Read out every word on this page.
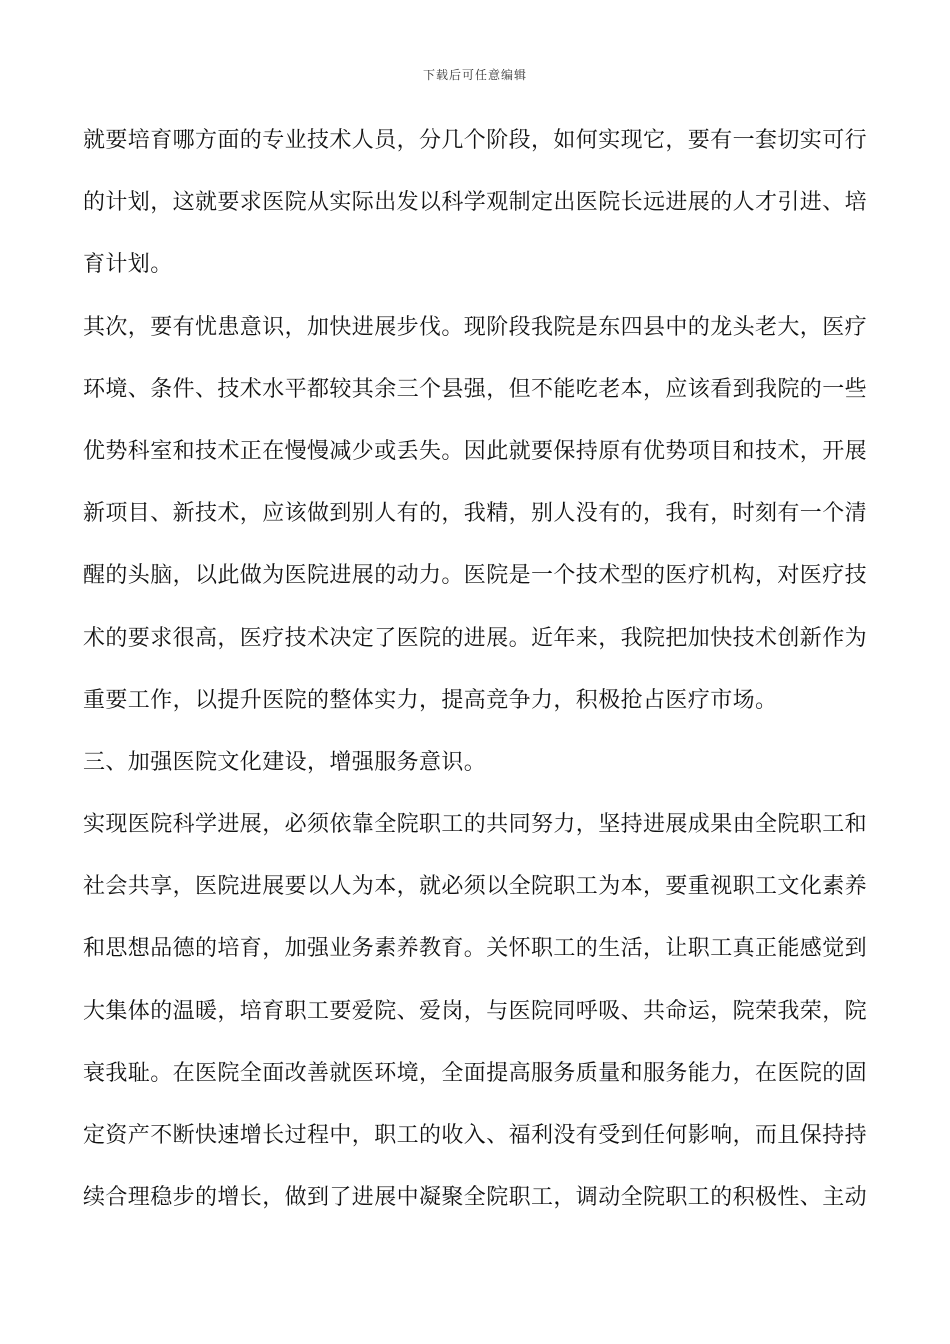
下载后可任意编辑
就要培育哪方面的专业技术人员，分几个阶段，如何实现它，要有一套切实可行
的计划，这就要求医院从实际出发以科学观制定出医院长远进展的人才引进、培
育计划。
其次，要有忧患意识，加快进展步伐。现阶段我院是东四县中的龙头老大，医疗
环境、条件、技术水平都较其余三个县强，但不能吃老本，应该看到我院的一些
优势科室和技术正在慢慢减少或丢失。因此就要保持原有优势项目和技术，开展
新项目、新技术，应该做到别人有的，我精，别人没有的，我有，时刻有一个清
醒的头脑，以此做为医院进展的动力。医院是一个技术型的医疗机构，对医疗技
术的要求很高，医疗技术决定了医院的进展。近年来，我院把加快技术创新作为
重要工作，以提升医院的整体实力，提高竞争力，积极抢占医疗市场。
三、加强医院文化建设，增强服务意识。
实现医院科学进展，必须依靠全院职工的共同努力，坚持进展成果由全院职工和
社会共享，医院进展要以人为本，就必须以全院职工为本，要重视职工文化素养
和思想品德的培育，加强业务素养教育。关怀职工的生活，让职工真正能感觉到
大集体的温暖，培育职工要爱院、爱岗，与医院同呼吸、共命运，院荣我荣，院
衰我耻。在医院全面改善就医环境，全面提高服务质量和服务能力，在医院的固
定资产不断快速增长过程中，职工的收入、福利没有受到任何影响，而且保持持
续合理稳步的增长，做到了进展中凝聚全院职工，调动全院职工的积极性、主动
